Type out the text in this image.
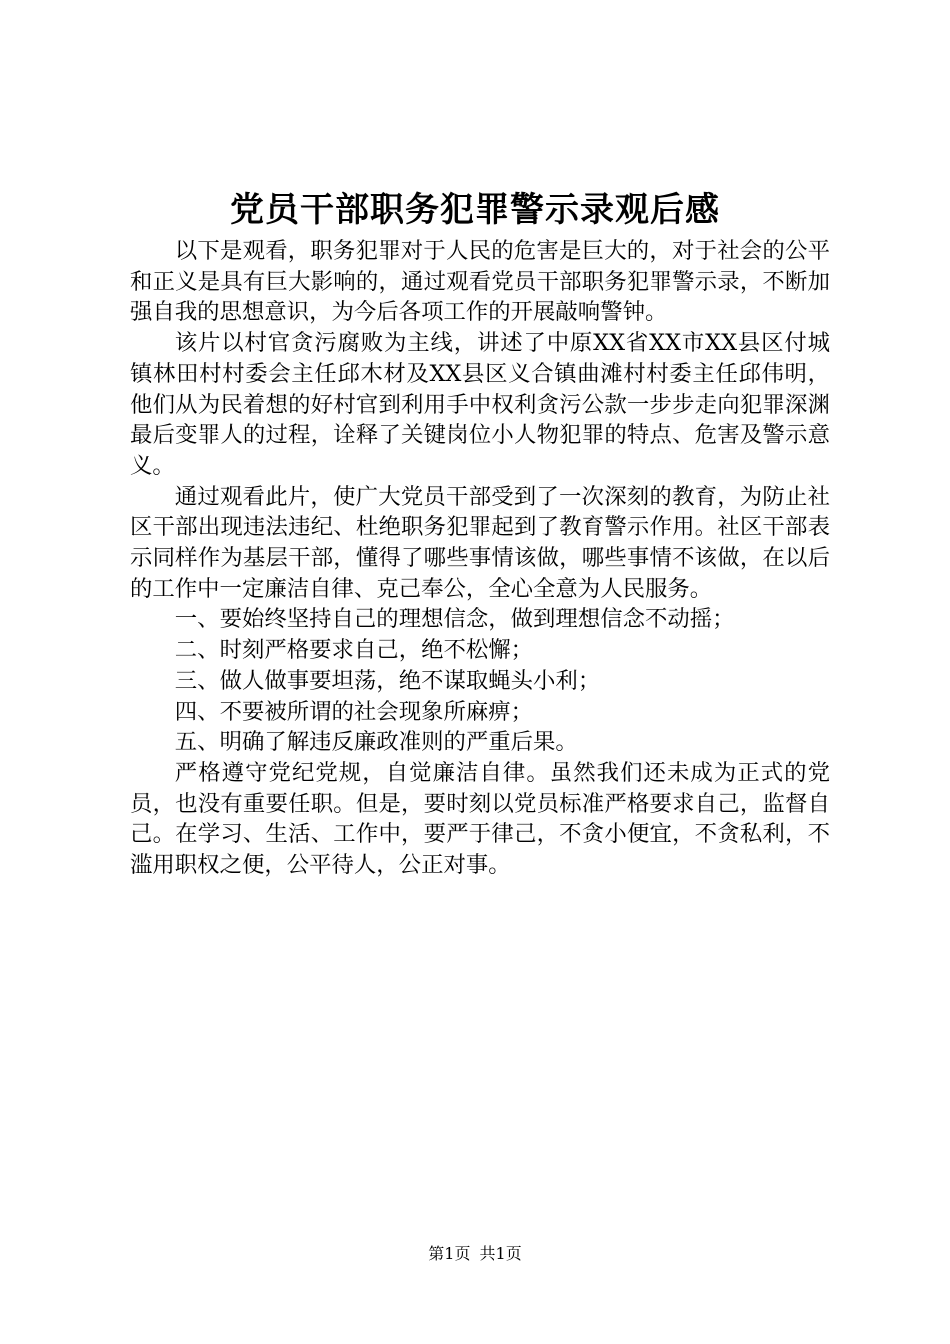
党员干部职务犯罪警示录观后感

以下是观看，职务犯罪对于人民的危害是巨大的，对于社会的公平和正义是具有巨大影响的，通过观看党员干部职务犯罪警示录，不断加强自我的思想意识，为今后各项工作的开展敲响警钟。

该片以村官贪污腐败为主线，讲述了中原XX省XX市XX县区付城镇林田村村委会主任邱木材及XX县区义合镇曲滩村村委主任邱伟明，他们从为民着想的好村官到利用手中权利贪污公款一步步走向犯罪深渊最后变罪人的过程，诠释了关键岗位小人物犯罪的特点、危害及警示意义。

通过观看此片，使广大党员干部受到了一次深刻的教育，为防止社区干部出现违法违纪、杜绝职务犯罪起到了教育警示作用。社区干部表示同样作为基层干部，懂得了哪些事情该做，哪些事情不该做，在以后的工作中一定廉洁自律、克己奉公，全心全意为人民服务。

一、要始终坚持自己的理想信念，做到理想信念不动摇；

二、时刻严格要求自己，绝不松懈；

三、做人做事要坦荡，绝不谋取蝇头小利；

四、不要被所谓的社会现象所麻痹；

五、明确了解违反廉政准则的严重后果。

严格遵守党纪党规，自觉廉洁自律。虽然我们还未成为正式的党员，也没有重要任职。但是，要时刻以党员标准严格要求自己，监督自己。在学习、生活、工作中，要严于律己，不贪小便宜，不贪私利，不滥用职权之便，公平待人，公正对事。

第1页 共1页
